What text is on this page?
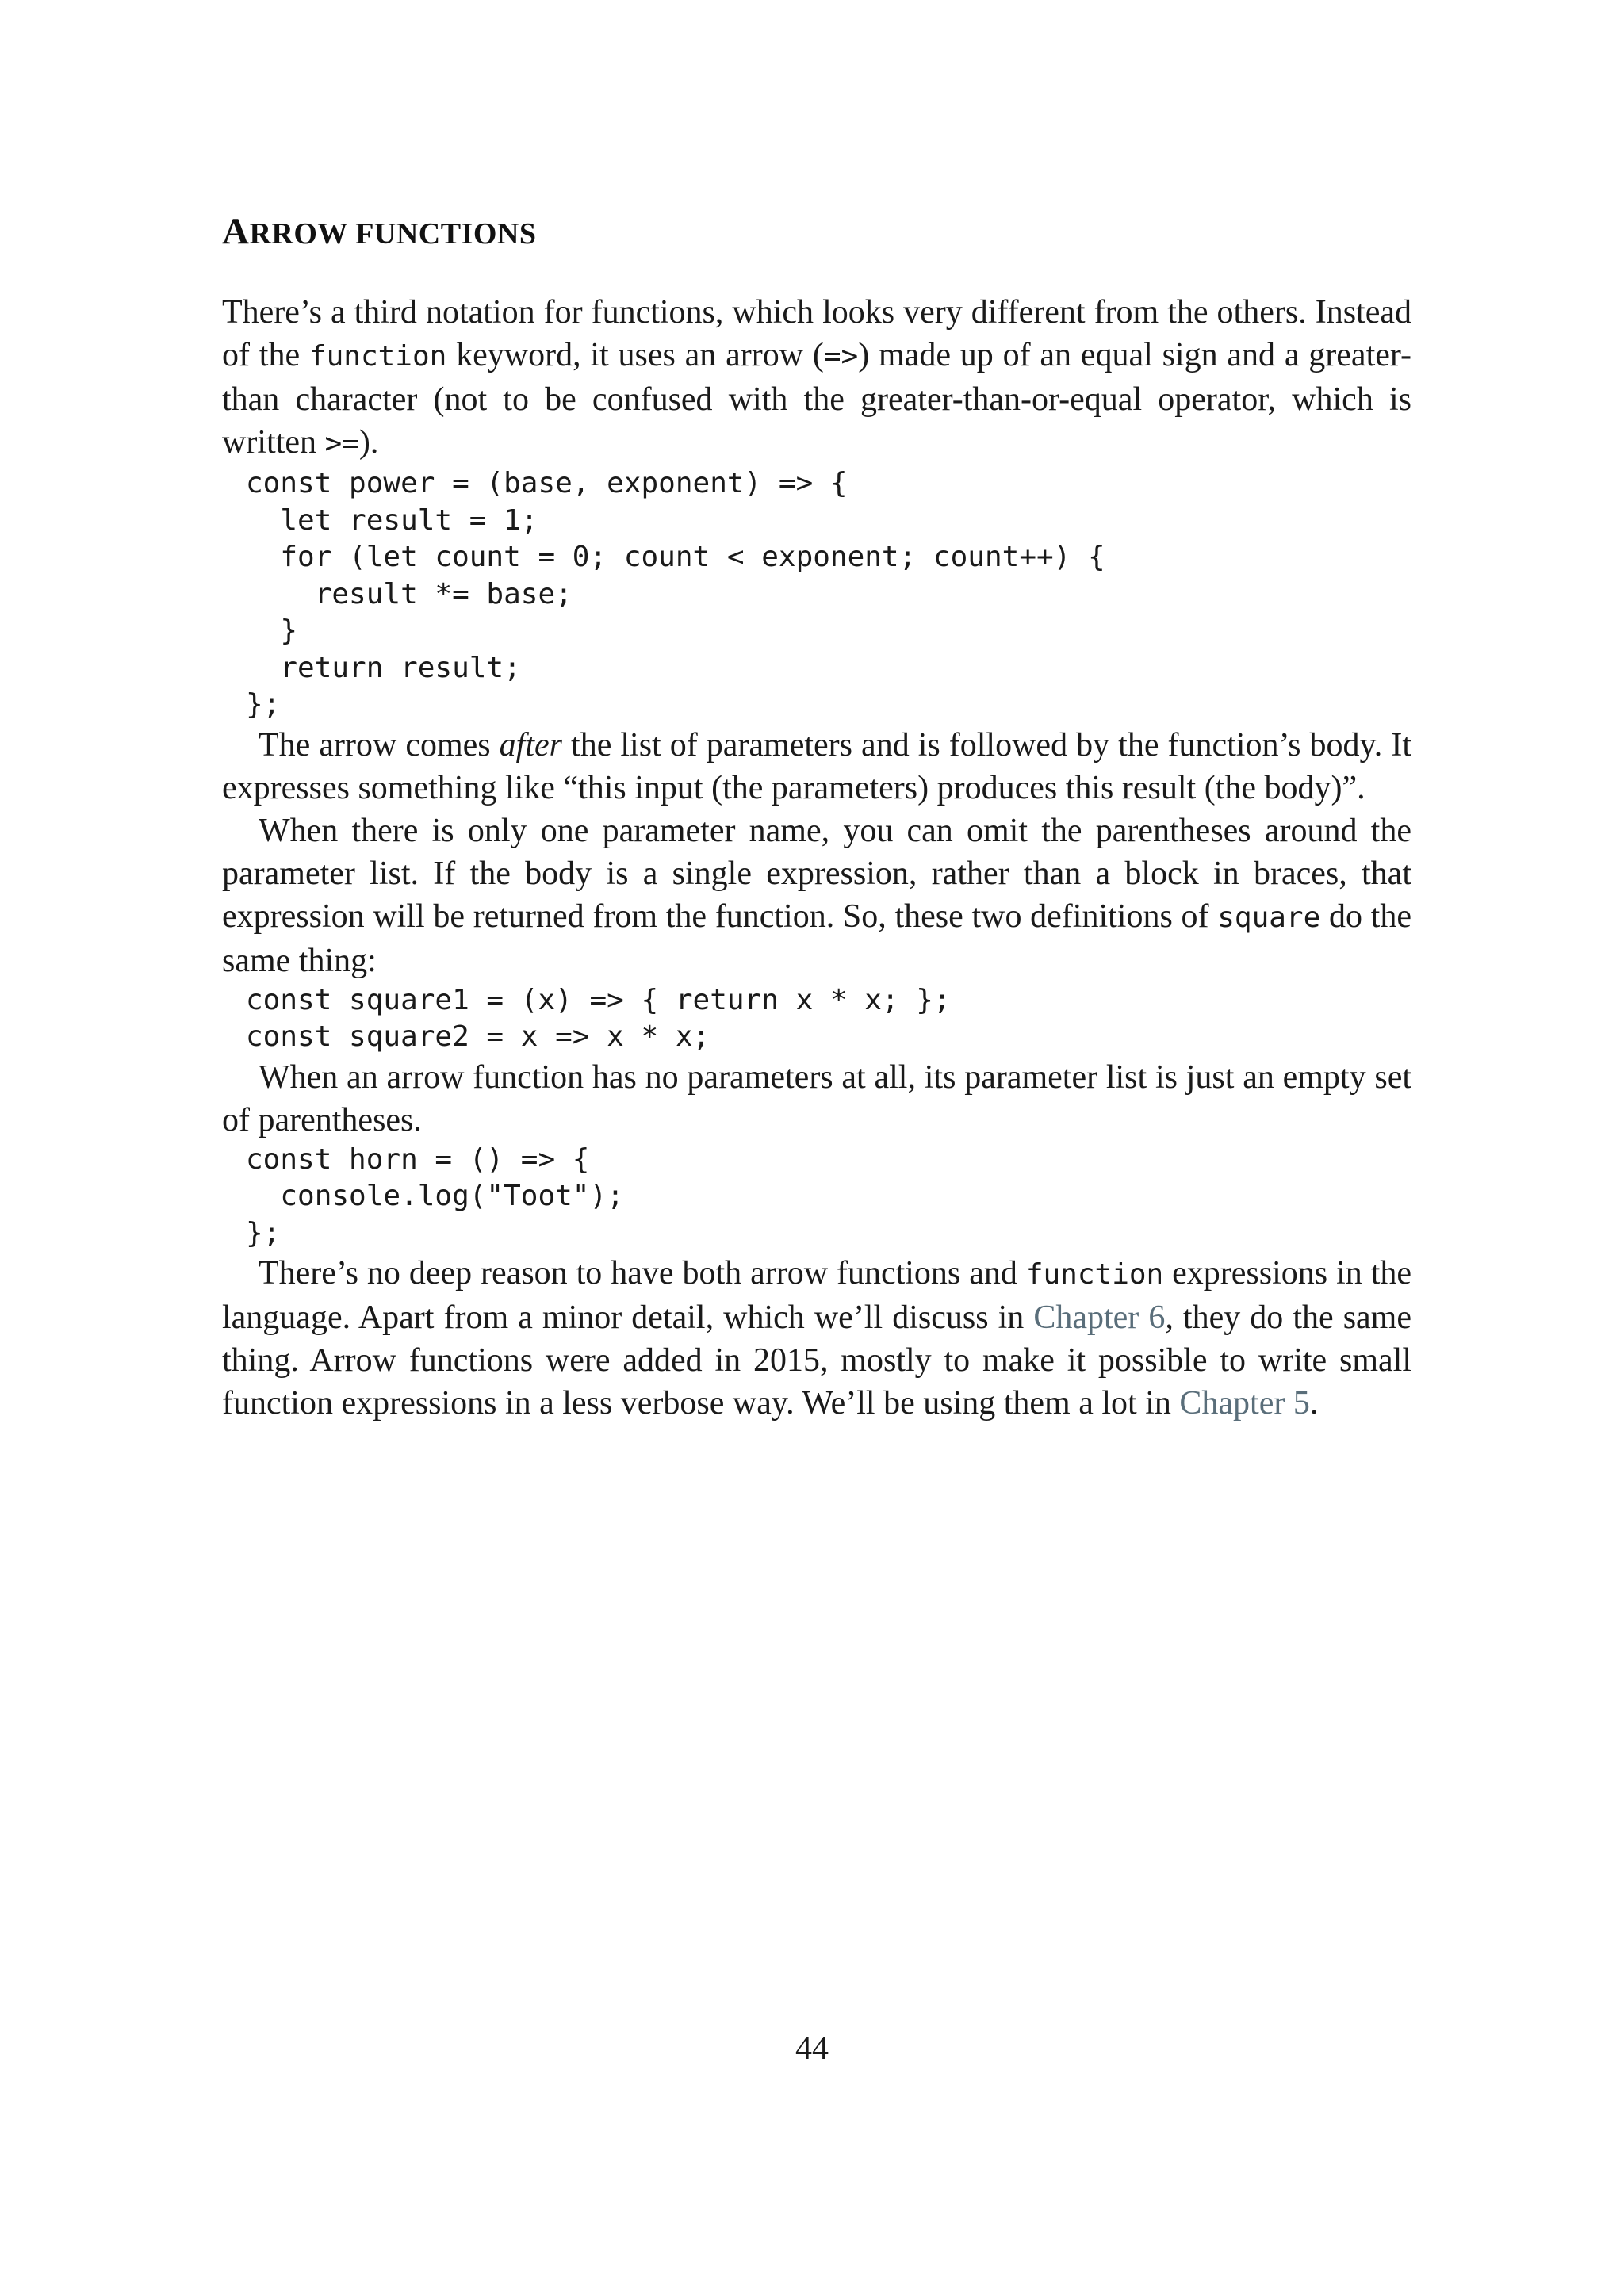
ARROW FUNCTIONS

There’s a third notation for functions, which looks very different from the others. Instead of the function keyword, it uses an arrow (=>) made up of an equal sign and a greater-than character (not to be confused with the greater-than-or-equal operator, which is written >=).

const power = (base, exponent) => {
let result = 1;
for (let count = 0; count < exponent; count++) {
result *= base;
}
return result;
};

The arrow comes after the list of parameters and is followed by the function’s body. It expresses something like “this input (the parameters) produces this result (the body)”.

When there is only one parameter name, you can omit the parentheses around the parameter list. If the body is a single expression, rather than a block in braces, that expression will be returned from the function. So, these two definitions of square do the same thing:

const square1 = (x) => { return x * x; };
const square2 = x => x * x;

When an arrow function has no parameters at all, its parameter list is just an empty set of parentheses.

const horn = () => {
console.log("Toot");
};

There’s no deep reason to have both arrow functions and function expressions in the language. Apart from a minor detail, which we’ll discuss in Chapter 6, they do the same thing. Arrow functions were added in 2015, mostly to make it possible to write small function expressions in a less verbose way. We’ll be using them a lot in Chapter 5.

44
